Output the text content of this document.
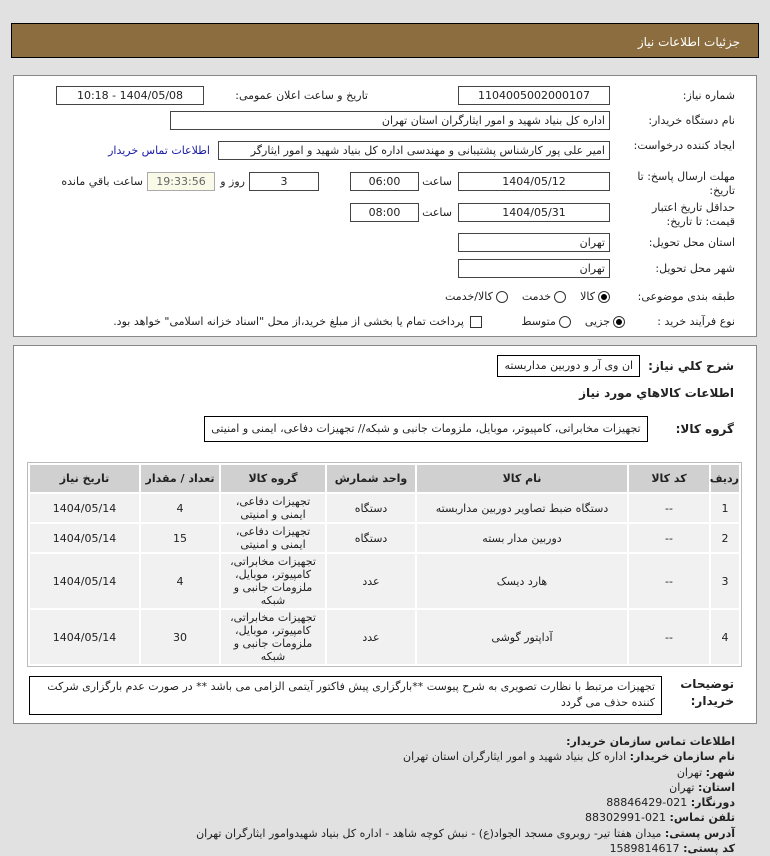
جزئیات اطلاعات نیاز
شماره نیاز:
1104005002000107
تاریخ و ساعت اعلان عمومی:
1404/05/08 - 10:18
نام دستگاه خریدار:
اداره کل بنیاد شهید و امور ایثارگران استان تهران
ایجاد کننده درخواست:
امیر علی پور کارشناس پشتیبانی و مهندسی اداره کل بنیاد شهید و امور ایثارگر
اطلاعات تماس خریدار
مهلت ارسال پاسخ: تا تاریخ:
1404/05/12
ساعت
06:00
3
روز و
19:33:56
ساعت باقي مانده
حداقل تاریخ اعتبار قیمت: تا تاریخ:
1404/05/31
ساعت
08:00
استان محل تحویل:
تهران
شهر محل تحویل:
تهران
طبقه بندی موضوعی:
کالا    خدمت    کالا/خدمت
نوع فرآیند خرید :
جزیی    متوسط
پرداخت تمام یا بخشی از مبلغ خرید،از محل "اسناد خزانه اسلامی" خواهد بود.
شرح کلي نياز:
ان وی آر و دوربین مداربسته
اطلاعات کالاهاي مورد نياز
گروه کالا:
تجهیزات مخابراتی، کامپیوتر، موبایل، ملزومات جانبی و شبکه// تجهیزات دفاعی، ایمنی و امنیتی
ردیف	کد کالا	نام کالا	واحد شمارش	گروه کالا	تعداد / مقدار	تاریخ نیاز
1	--	دستگاه ضبط تصاویر دوربین مداربسته	دستگاه	تجهیزات دفاعی، ایمنی و امنیتی	4	1404/05/14
2	--	دوربین مدار بسته	دستگاه	تجهیزات دفاعی، ایمنی و امنیتی	15	1404/05/14
3	--	هارد دیسک	عدد	تجهیزات مخابراتی، کامپیوتر، موبایل، ملزومات جانبی و شبکه	4	1404/05/14
4	--	آداپتور گوشی	عدد	تجهیزات مخابراتی، کامپیوتر، موبایل، ملزومات جانبی و شبکه	30	1404/05/14
توضیحات خریدار:
تجهیزات مرتبط با نظارت تصویری به شرح پیوست **بارگزاری پیش فاکتور آیتمی الزامی می باشد ** در صورت عدم بارگزاری شرکت کننده حذف می گردد
اطلاعات تماس سازمان خریدار:
نام سازمان خریدار: اداره کل بنیاد شهید و امور ایثارگران استان تهران
شهر: تهران
استان: تهران
دورنگار: 021-88846429
تلفن تماس: 021-88302991
آدرس پستی: میدان هفتا تیر- روبروی مسجد الجواد(ع) - نبش کوچه شاهد - اداره کل بنیاد شهیدوامور ایثارگران تهران
کد پستی: 1589814617
